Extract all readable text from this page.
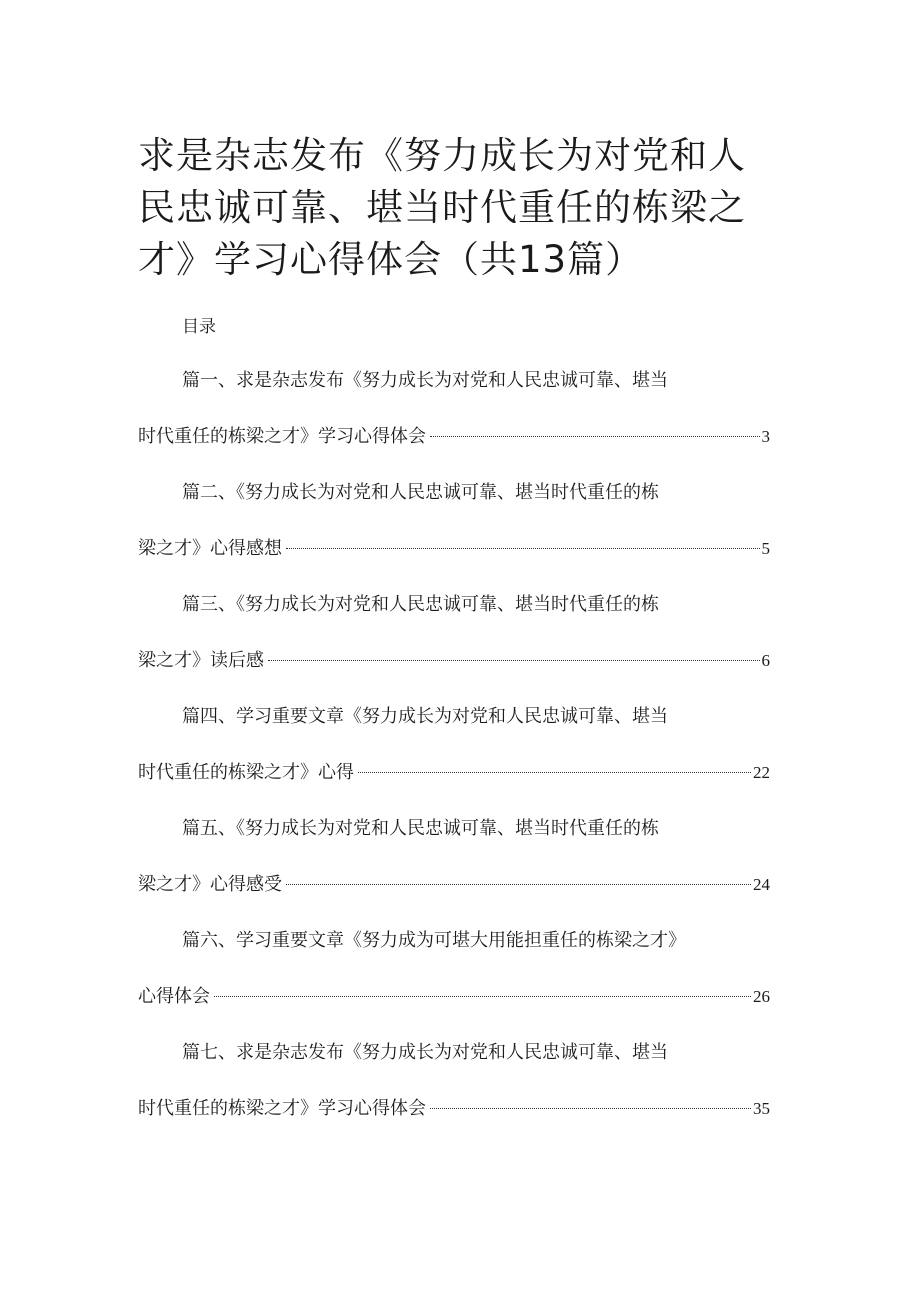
求是杂志发布《努力成长为对党和人民忠诚可靠、堪当时代重任的栋梁之才》学习心得体会（共13篇）
目录
篇一、求是杂志发布《努力成长为对党和人民忠诚可靠、堪当
时代重任的栋梁之才》学习心得体会	3
篇二、《努力成长为对党和人民忠诚可靠、堪当时代重任的栋
梁之才》心得感想	5
篇三、《努力成长为对党和人民忠诚可靠、堪当时代重任的栋
梁之才》读后感	6
篇四、学习重要文章《努力成长为对党和人民忠诚可靠、堪当
时代重任的栋梁之才》心得	22
篇五、《努力成长为对党和人民忠诚可靠、堪当时代重任的栋
梁之才》心得感受	24
篇六、学习重要文章《努力成为可堪大用能担重任的栋梁之才》
心得体会	26
篇七、求是杂志发布《努力成长为对党和人民忠诚可靠、堪当
时代重任的栋梁之才》学习心得体会	35
